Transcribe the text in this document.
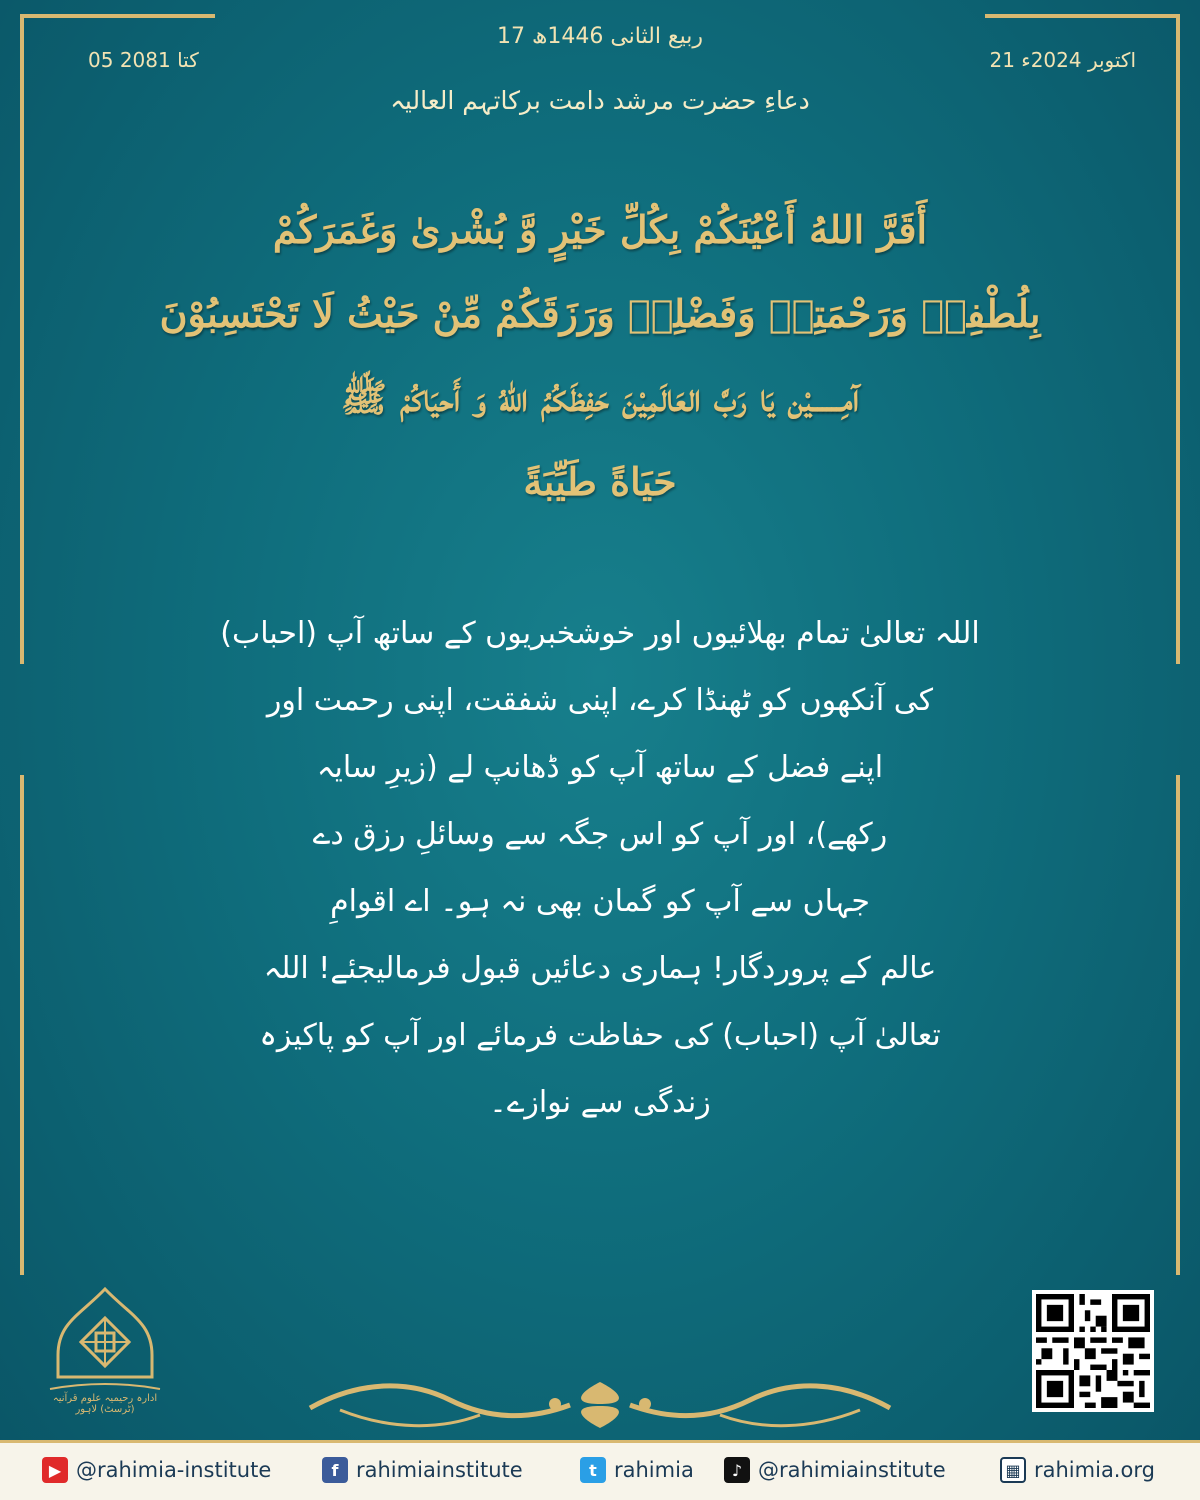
17 ربیع الثانی 1446ھ
21 اکتوبر 2024ء
05 کتا 2081
دعاءِ حضرت مرشد دامت برکاتہم العالیہ
أَقَرَّ اللهُ أَعْيُنَكُمْ بِكُلِّ خَيْرٍ وَّ بُشْرىٰ وَغَمَرَكُمْ
بِلُطْفِهٖ وَرَحْمَتِهٖ وَفَضْلِهٖ وَرَزَقَكُمْ مِّنْ حَيْثُ لَا تَحْتَسِبُوْنَ
آمِــــــيْن يَا رَبَّ العَالَمِيْنَ حَفِظَكُمُ اللهُ وَ أَحيَاكُمْ ﷺ
حَيَاةً طَيِّبَةً
اللہ تعالیٰ تمام بھلائیوں اور خوشخبریوں کے ساتھ آپ (احباب)
کی آنکھوں کو ٹھنڈا کرے، اپنی شفقت، اپنی رحمت اور
اپنے فضل کے ساتھ آپ کو ڈھانپ لے (زیرِ سایہ
رکھے)، اور آپ کو اس جگہ سے وسائلِ رزق دے
جہاں سے آپ کو گمان بھی نہ ہو۔ اے اقوامِ
عالم کے پروردگار! ہماری دعائیں قبول فرمالیجئے! اللہ
تعالیٰ آپ (احباب) کی حفاظت فرمائے اور آپ کو پاکیزہ
زندگی سے نوازے۔
ادارہ رحیمیہ علوم قرآنیہ (ٹرسٹ) لاہور
▶ @rahimia-institute	f rahimiainstitute	t rahimia	♪ @rahimiainstitute	▦ rahimia.org
